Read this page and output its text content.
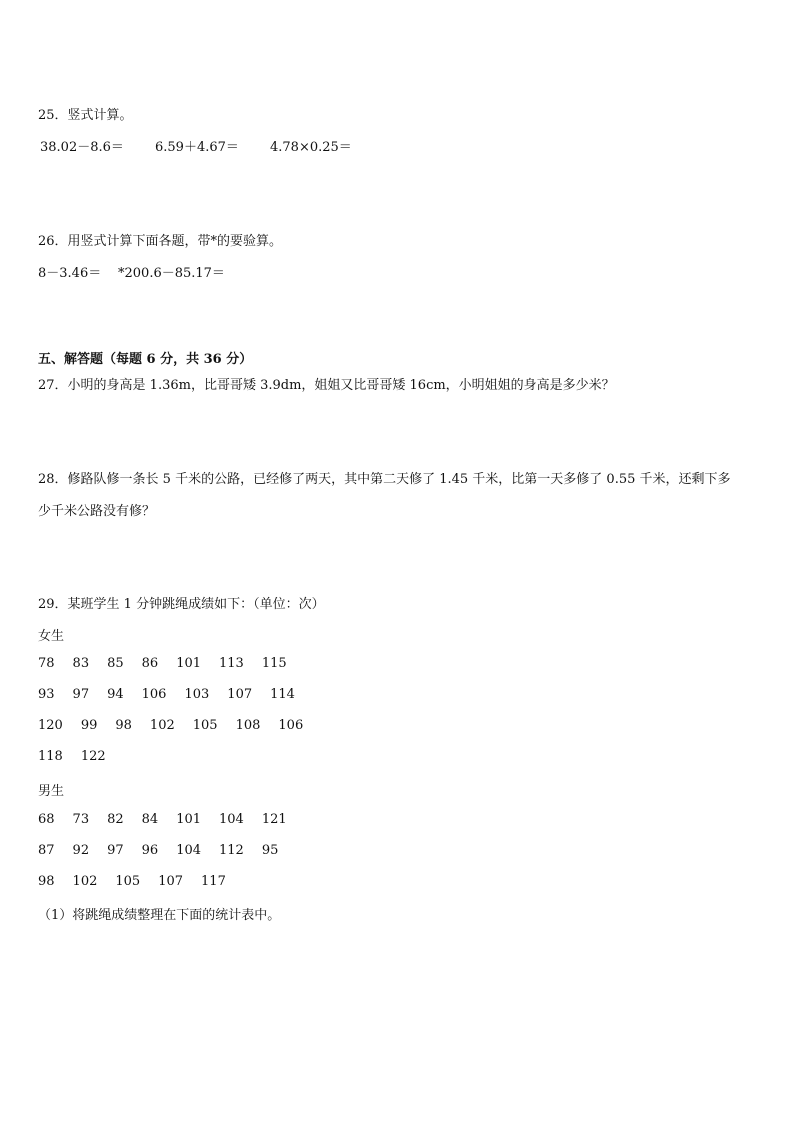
25．竖式计算。
38.02－8.6＝ 6.59＋4.67＝ 4.78×0.25＝
26．用竖式计算下面各题，带*的要验算。
8－3.46＝ *200.6－85.17＝
五、解答题（每题 6 分，共 36 分）
27．小明的身高是 1.36m，比哥哥矮 3.9dm，姐姐又比哥哥矮 16cm，小明姐姐的身高是多少米？
28．修路队修一条长 5 千米的公路，已经修了两天，其中第二天修了 1.45 千米，比第一天多修了 0.55 千米，还剩下多
少千米公路没有修？
29．某班学生 1 分钟跳绳成绩如下：（单位：次）
女生
78 83 85 86 101 113 115
93 97 94 106 103 107 114
120 99 98 102 105 108 106
118 122
男生
68 73 82 84 101 104 121
87 92 97 96 104 112 95
98 102 105 107 117
（1）将跳绳成绩整理在下面的统计表中。
